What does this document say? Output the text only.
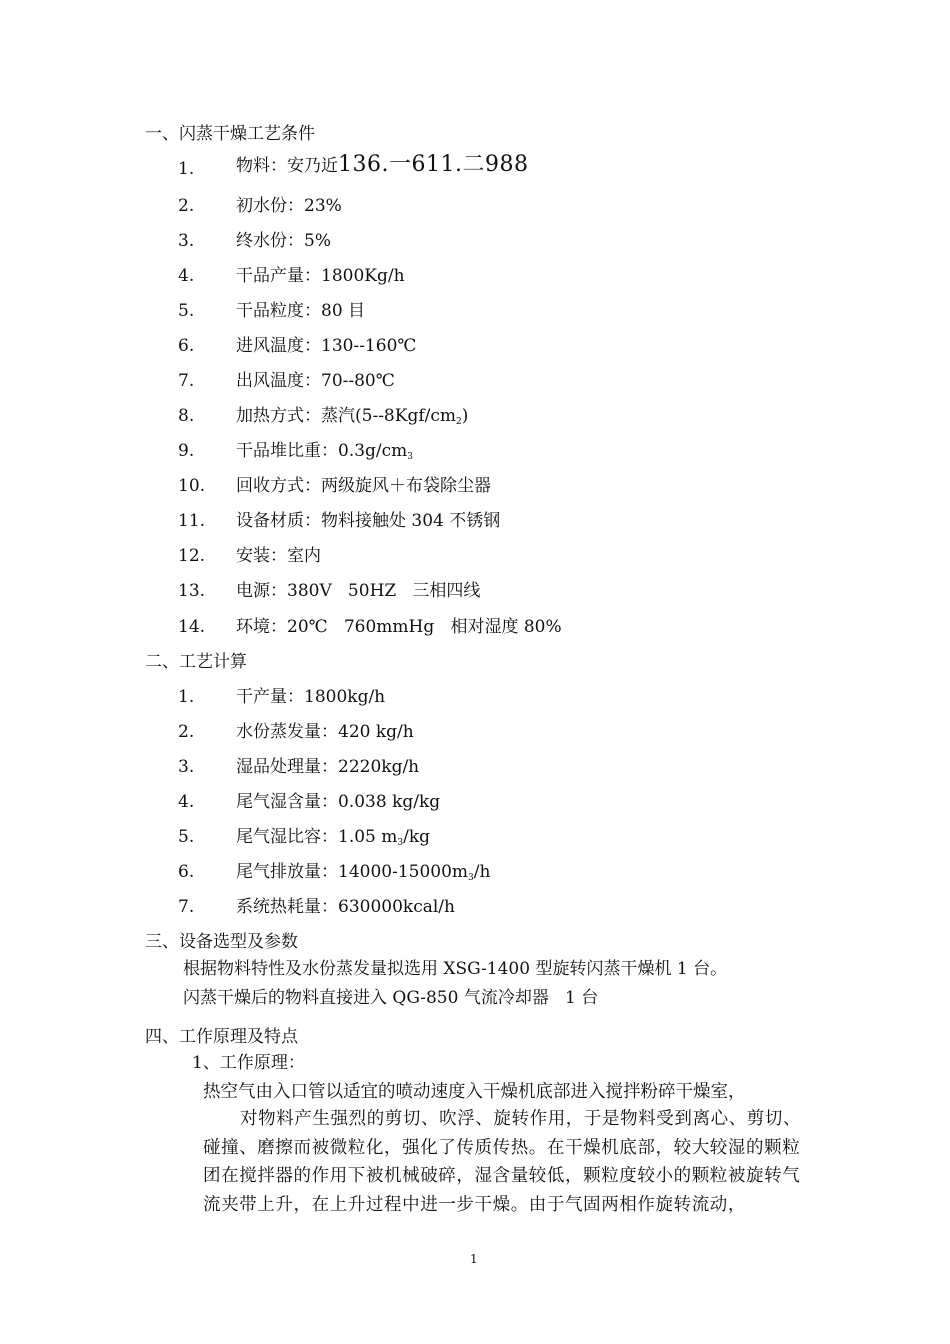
一、闪蒸干燥工艺条件
1. 物料：安乃近136.一611.二988
2. 初水份：23%
3. 终水份：5%
4. 干品产量：1800Kg/h
5. 干品粒度：80 目
6. 进风温度：130--160℃
7. 出风温度：70--80℃
8. 加热方式：蒸汽$(5--8Kgf/cm_2)$
9. 干品堆比重：$0.3g/cm_3$
10. 回收方式：两级旋风＋布袋除尘器
11. 设备材质：物料接触处 304 不锈钢
12. 安装：室内
13. 电源：380V   50HZ   三相四线
14. 环境：20℃   760mmHg   相对湿度 80%
二、工艺计算
1. 干产量：1800kg/h
2. 水份蒸发量：420 kg/h
3. 湿品处理量：2220kg/h
4. 尾气湿含量：0.038 kg/kg
5. 尾气湿比容：1.05 $m_3/kg$
6. 尾气排放量：$14000-15000m_3/h$
7. 系统热耗量：630000kcal/h
三、设备选型及参数
根据物料特性及水份蒸发量拟选用 XSG-1400 型旋转闪蒸干燥机 1 台。
闪蒸干燥后的物料直接进入 QG-850 气流冷却器   1 台
四、工作原理及特点
1、工作原理：
热空气由入口管以适宜的喷动速度入干燥机底部进入搅拌粉碎干燥室，
对物料产生强烈的剪切、吹浮、旋转作用，于是物料受到离心、剪切、碰撞、磨擦而被微粒化，强化了传质传热。在干燥机底部，较大较湿的颗粒团在搅拌器的作用下被机械破碎，湿含量较低，颗粒度较小的颗粒被旋转气流夹带上升，在上升过程中进一步干燥。由于气固两相作旋转流动，
1
